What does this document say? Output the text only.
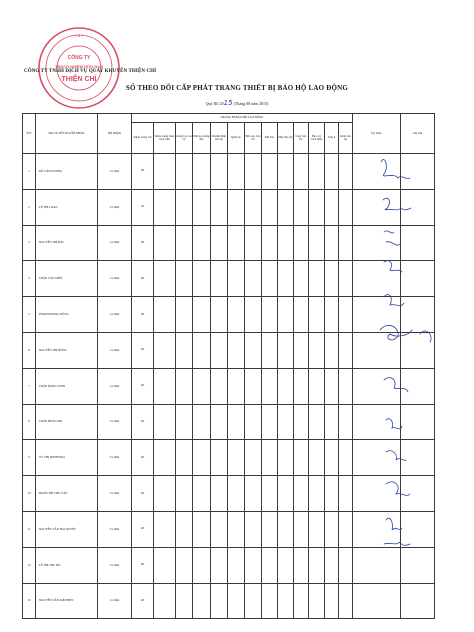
CÔNG TY
TRÁCH NHIỆM HỮU HẠN
THIỆN CHÍ
• 0 •
CÔNG TY TNHH DỊCH VỤ QUAY KHUYẾN THIỆN CHÍ
SỔ THEO DÕI CẤP PHÁT TRANG THIẾT BỊ BẢO HỘ LAO ĐỘNG
Quý III/ 2015 (Tháng 08 năm 2015)
STT	HỌ VÀ TÊN NGƯỜI NHẬN	BỘ PHẬN	TRANG BỊ BẢO HỘ LAO ĐỘNG													Ký nhận	Ghi chú
			Khẩu trang vải	Khẩu trang than hoạt tính	Găng tay cao su	Mặt nạ phòng độc	Khánh hình bảo hộ	Quần áo	Bảo tay, bảo tai	Mũ bảo	Dây lắp rắp	Giày bảo hộ	Bao tay cách điện	Ủng ủ	Kính bảo hộ		
1	ĐỖ VĂN DƯƠNG	Cơ điện	20														
2	LÊ THỊ LOAN	Cơ điện	10														
3	NGUYỄN THỊ HẢI	Cơ điện	20														
4	TRẦN VĂN GIÊN	Cơ điện	20														
5	PHẠM HOÀNG DŨNG	Cơ điện	20														
6	NGUYỄN THỊ HỒNG	Cơ điện	20														
7	TRẦN ĐĂNG VINH	Cơ điện	20														
8	TRẦN HÙNG PHI	Cơ điện	20														
9	VŨ THỊ MINH HOA	Cơ điện	20														
10	ĐOÀN THỊ THU VÂN	Cơ điện	20														
11	NGUYỄN VĂN HẢI QUYẾT	Cơ điện	20														
12	LÊ THỊ THU HÀ	Cơ điện	20														
13	NGUYỄN VĂN KIM HIỀN	Cơ điện	20														
